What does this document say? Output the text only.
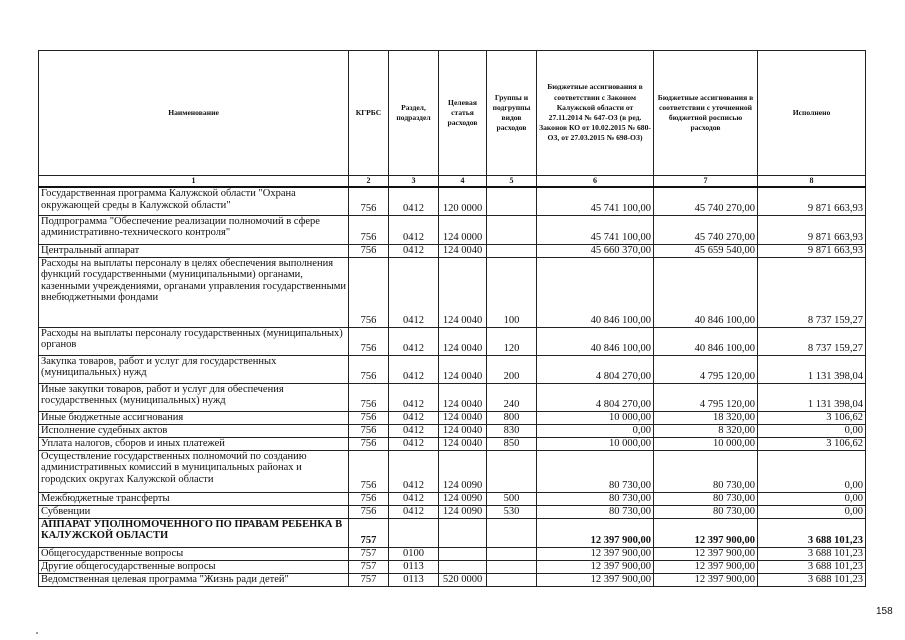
Наименование	КГРБС	Раздел, подраздел	Целевая статья расходов	Группы и подгруппы видов расходов	Бюджетные ассигнования в соответствии с Законом Калужской области от 27.11.2014 № 647-ОЗ (в ред. Законов КО от 10.02.2015 № 680-ОЗ, от 27.03.2015 № 698-ОЗ)	Бюджетные ассигнования в соответствии с уточненной бюджетной росписью расходов	Исполнено
1	2	3	4	5	6	7	8
Государственная программа Калужской области "Охрана окружающей среды в Калужской области"	756	0412	120 0000		45 741 100,00	45 740 270,00	9 871 663,93
Подпрограмма "Обеспечение реализации полномочий в сфере административно-технического контроля"	756	0412	124 0000		45 741 100,00	45 740 270,00	9 871 663,93
Центральный аппарат	756	0412	124 0040		45 660 370,00	45 659 540,00	9 871 663,93
Расходы на выплаты персоналу в целях обеспечения выполнения функций государственными (муниципальными) органами, казенными учреждениями, органами управления государственными внебюджетными фондами	756	0412	124 0040	100	40 846 100,00	40 846 100,00	8 737 159,27
Расходы на выплаты персоналу государственных (муниципальных) органов	756	0412	124 0040	120	40 846 100,00	40 846 100,00	8 737 159,27
Закупка товаров, работ и услуг для государственных (муниципальных) нужд	756	0412	124 0040	200	4 804 270,00	4 795 120,00	1 131 398,04
Иные закупки товаров, работ и услуг для обеспечения государственных (муниципальных) нужд	756	0412	124 0040	240	4 804 270,00	4 795 120,00	1 131 398,04
Иные бюджетные ассигнования	756	0412	124 0040	800	10 000,00	18 320,00	3 106,62
Исполнение судебных актов	756	0412	124 0040	830	0,00	8 320,00	0,00
Уплата налогов, сборов и иных платежей	756	0412	124 0040	850	10 000,00	10 000,00	3 106,62
Осуществление государственных полномочий по созданию административных комиссий в муниципальных районах и городских округах Калужской области	756	0412	124 0090		80 730,00	80 730,00	0,00
Межбюджетные трансферты	756	0412	124 0090	500	80 730,00	80 730,00	0,00
Субвенции	756	0412	124 0090	530	80 730,00	80 730,00	0,00
АППАРАТ УПОЛНОМОЧЕННОГО ПО ПРАВАМ РЕБЕНКА В КАЛУЖСКОЙ ОБЛАСТИ	757				12 397 900,00	12 397 900,00	3 688 101,23
Общегосударственные вопросы	757	0100			12 397 900,00	12 397 900,00	3 688 101,23
Другие общегосударственные вопросы	757	0113			12 397 900,00	12 397 900,00	3 688 101,23
Ведомственная целевая программа "Жизнь ради детей"	757	0113	520 0000		12 397 900,00	12 397 900,00	3 688 101,23
158
